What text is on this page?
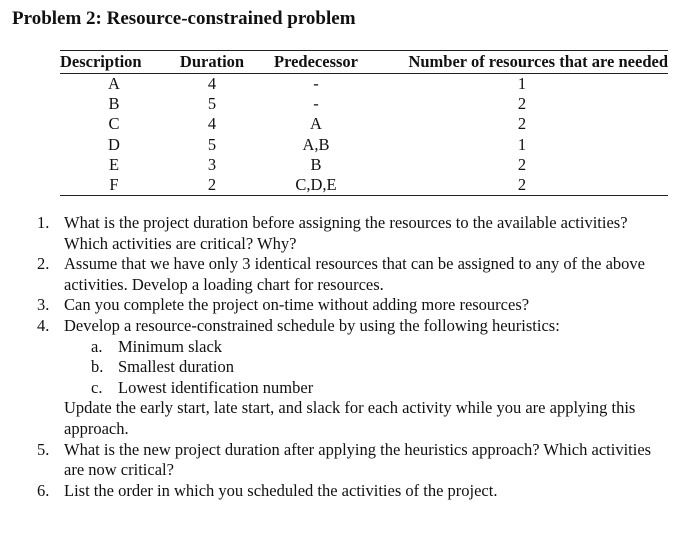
Problem 2: Resource-constrained problem
Description	Duration	Predecessor	Number of resources that are needed
A	4	-	1
B	5	-	2
C	4	A	2
D	5	A,B	1
E	3	B	2
F	2	C,D,E	2
1. What is the project duration before assigning the resources to the available activities?
Which activities are critical? Why?
2. Assume that we have only 3 identical resources that can be assigned to any of the above
activities. Develop a loading chart for resources.
3. Can you complete the project on-time without adding more resources?
4. Develop a resource-constrained schedule by using the following heuristics:
a. Minimum slack
b. Smallest duration
c. Lowest identification number
Update the early start, late start, and slack for each activity while you are applying this
approach.
5. What is the new project duration after applying the heuristics approach? Which activities
are now critical?
6. List the order in which you scheduled the activities of the project.
